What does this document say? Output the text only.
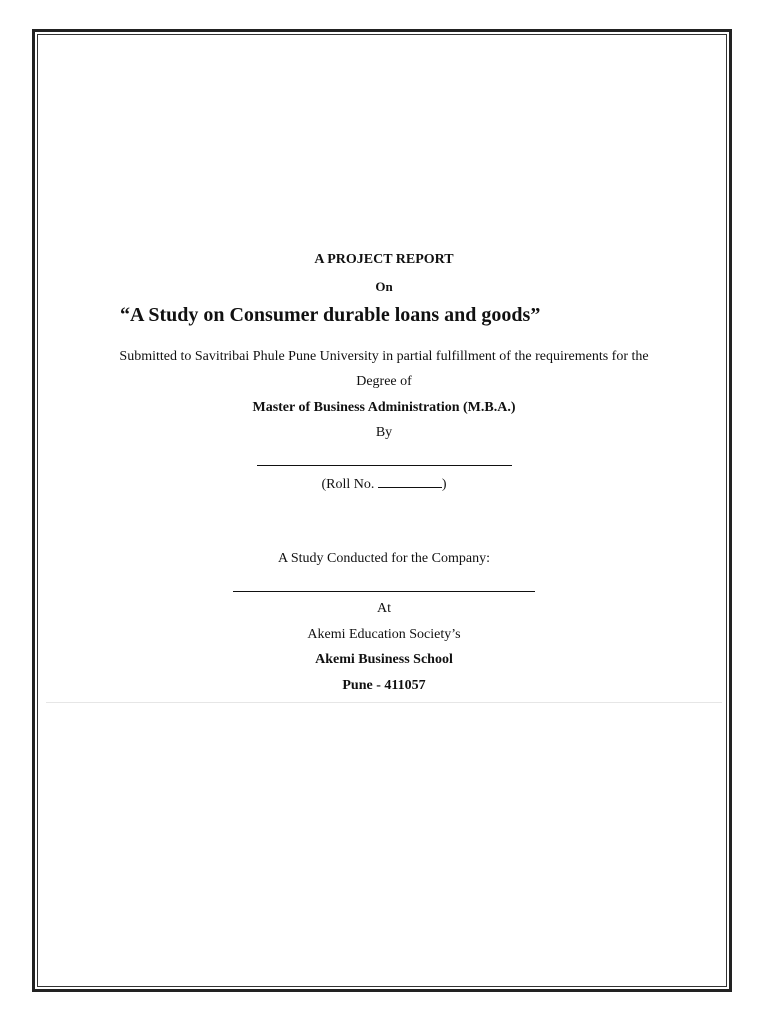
A PROJECT REPORT
On
“A Study on Consumer durable loans and goods”
Submitted to Savitribai Phule Pune University in partial fulfillment of the requirements for the
Degree of
Master of Business Administration (M.B.A.)
By
(Roll No.	)
A Study Conducted for the Company:
At
Akemi Education Society’s
Akemi Business School
Pune - 411057
